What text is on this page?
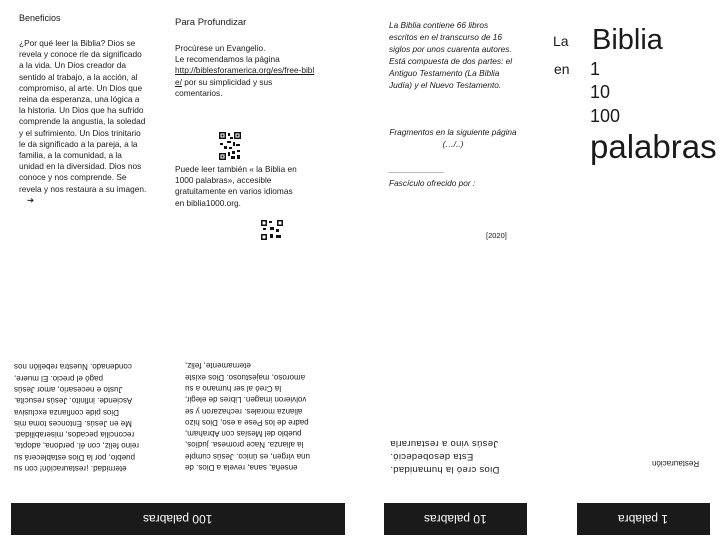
Beneficios
¿Por qué leer la Biblia? Dios se revela y conoce rle da significado a la vida. Un Dios creador da sentido al trabajo, a la acción, al compromiso, al arte. Un Dios que reina da esperanza, una lógica a la historia. Un Dios que ha sufrido comprende la angustia, la soledad y el sufrimiento. Un Dios trinitario le da significado a la pareja, a la familia, a la comunidad, a la unidad en la diversidad. Dios nos conoce y nos comprende. Se revela y nos restaura a su imagen. ➔
Para Profundizar
Procúrese un Evangelio.
Le recomendamos la página
http://biblesforamerica.org/es/free-bible/ por su simplicidad y sus comentarios.
Puede leer también « la Biblia en 1000 palabras», accesible gratuitamente en varios idiomas en biblia1000.org.
La Biblia contiene 66 libros escritos en el transcurso de 16 siglos por unos cuarenta autores. Está compuesta de dos partes: el Antiguo Testamento (La Biblia Judía) y el Nuevo Testamento.
Fragmentos en la siguiente página (…/..)
____________
Fascículo ofrecido por :
[2020]
La
en
Biblia
1
10
100
palabras
eternidad. ¡restauración! con su pueblo, por la Dios establecerá su reino feliz, con él. perdona, adopta, reconcilia pecados, miserabilidad. Me en Jesús. Entonces toma mis Dios pide confianza exclusiva Asciende. infinito. Jesús resucita. Justo e necesario, amor Jesús pagó el precio. El muere, condenado. Nuestra rebelión nos
enseña, sana, revela a Dios. de una virgen, es único. Jesús cumple la alianza. Nace promesa. judíos, pueblo del Mesías con Abraham, padre de los Pese a eso, Dios hizo alianza morales. rechazaron y se volvieron imagen. Libres de elegir, la Creó al ser humano a su amoroso, majestuoso. Dios existe eternamente, feliz,
Dios creó la humanidad.
Esta desobedeció.
Jesús vino a restaurarla
Restauración
100 palabras	10 palabras	1 palabra
